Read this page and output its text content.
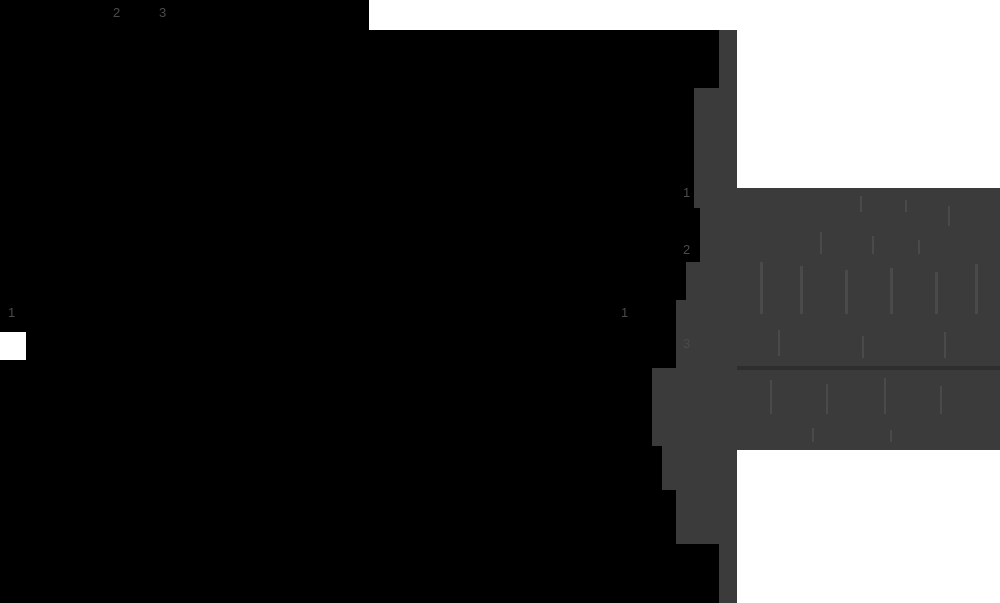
2	3
1
1
2
3
1
